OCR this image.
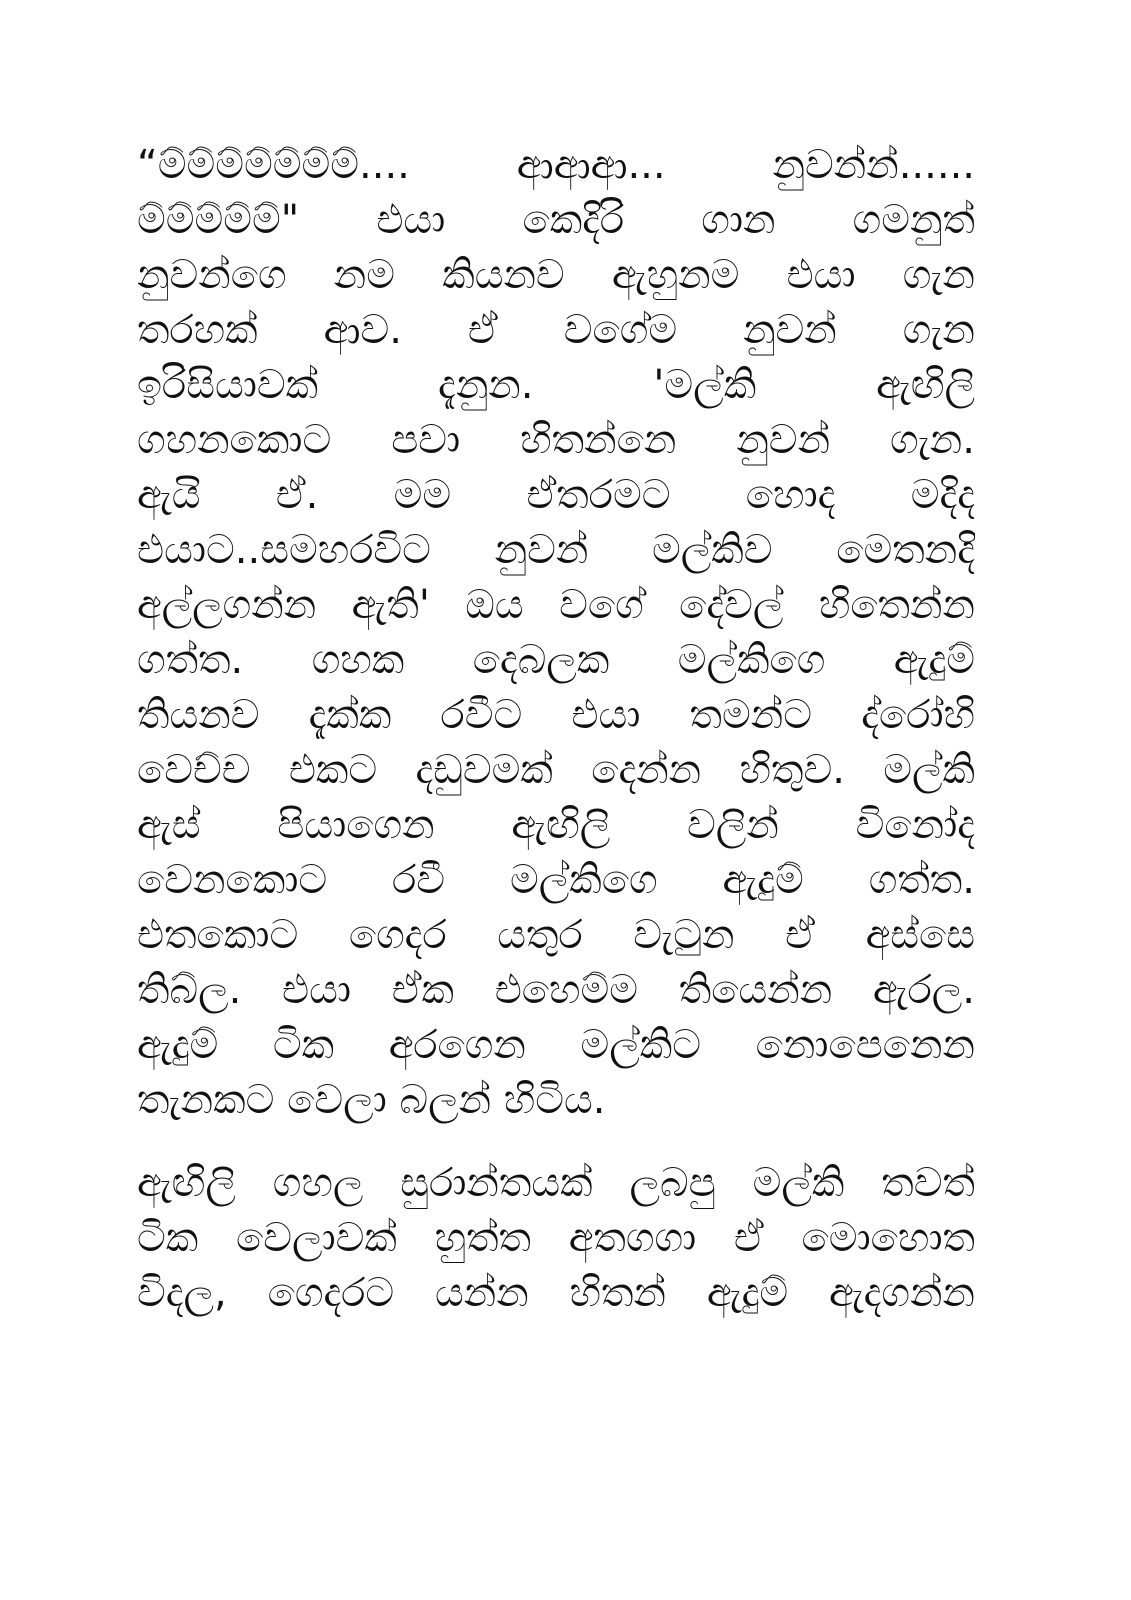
“ම්ම්ම්ම්ම්ම්ම්.... ආආආ... නුවන්න්......
ම්ම්ම්ම්ම්" එයා කෙදිරි ගාන ගමනුත්
නුවන්ගෙ නම කියනව ඇහුනම එයා ගැන
තරහක් ආව. ඒ වගේම නුවන් ගැන
ඉරිසියාවක් දැනුන. 'මල්කි ඇඟිලි
ගහනකොට පවා හිතන්නෙ නුවන් ගැන.
ඇයි ඒ. මම ඒතරමට හොද මදිද
එයාට..සමහරවිට නුවන් මල්කිව මෙතනදි
අල්ලගන්න ඇති' ඔය වගේ දේවල් හිතෙන්න
ගත්ත. ගහක දෙබලක මල්කිගෙ ඇදුම්
තියනව දැක්ක රවීට එයා තමන්ට ද්රෝහි
වෙච්ච එකට දඩුවමක් දෙන්න හිතුව. මල්කි
ඇස් පියාගෙන ඇඟිලි වලින් විනෝද
වෙනකොට රවී මල්කිගෙ ඇදුම් ගත්ත.
එතකොට ගෙදර යතුර වැටුන ඒ අස්සෙ
තිබ්ල. එයා ඒක එහෙම්ම තියෙන්න ඇරල.
ඇදුම් ටික අරගෙන මල්කිට නොපෙනෙන
තැනකට වෙලා බලන් හිටිය.
ඇඟිලි ගහල සුරාන්තයක් ලබපු මල්කි තවත්
ටික වෙලාවක් හුත්ත අතගගා ඒ මොහොත
විදල, ගෙදරට යන්න හිතන් ඇදුම් ඇදගන්න
